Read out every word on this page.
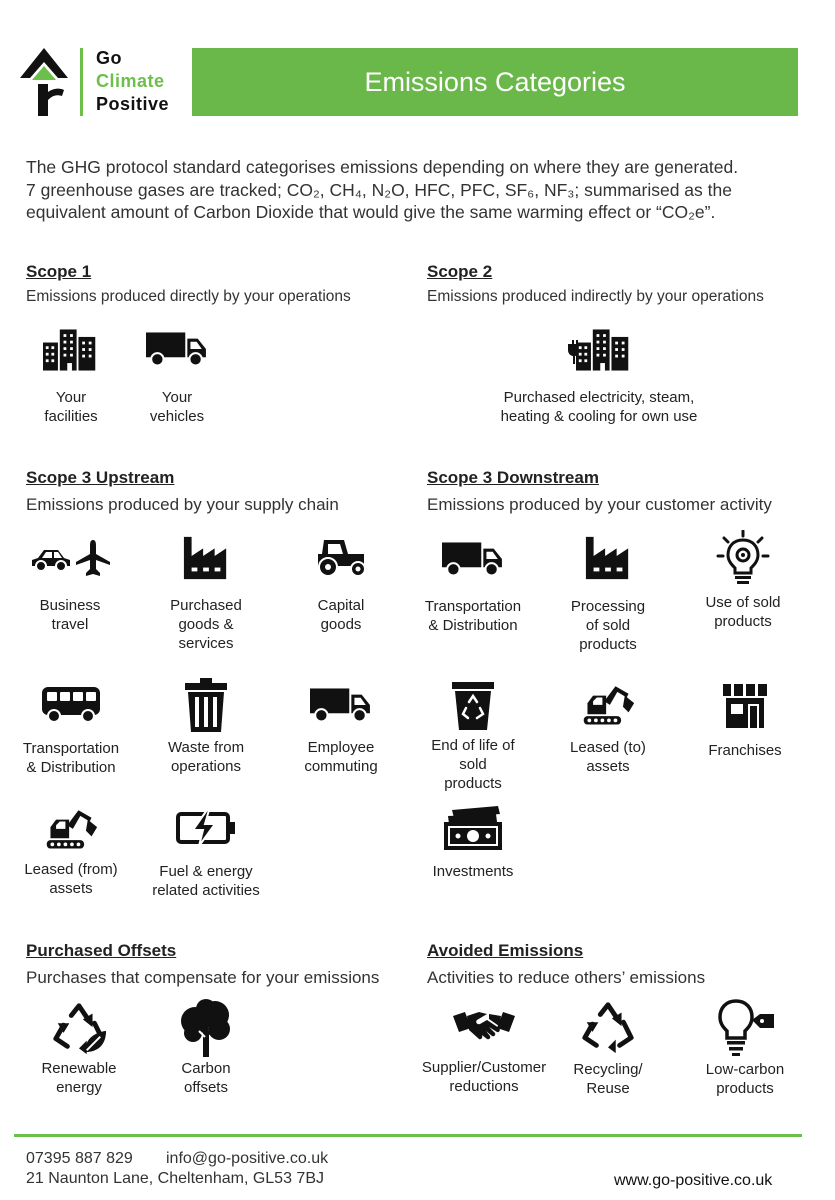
Go
Climate
Positive
Emissions Categories

The GHG protocol standard categorises emissions depending on where they are generated.

7 greenhouse gases are tracked; CO₂, CH₄, N₂O, HFC, PFC, SF₆, NF₃; summarised as the

equivalent amount of Carbon Dioxide that would give the same warming effect or “CO₂e”.

Scope 1
Emissions produced directly by your operations
Your
facilities
Your
vehicles
Scope 2
Emissions produced indirectly by your operations
Purchased electricity, steam,
heating & cooling for own use
Scope 3 Upstream
Emissions produced by your supply chain
Business
travel
Purchased
goods &
services
Capital
goods
Transportation
& Distribution
Waste from
operations
Employee
commuting
Leased (from)
assets
Fuel & energy
related activities
Scope 3 Downstream
Emissions produced by your customer activity
Transportation
& Distribution
Processing
of sold
products
Use of sold
products
End of life of
sold
products
Leased (to)
assets
Franchises
Investments
Purchased Offsets
Purchases that compensate for your emissions
Renewable
energy
Carbon
offsets
Avoided Emissions
Activities to reduce others’ emissions
Supplier/Customer
reductions
Recycling/
Reuse
Low-carbon
products
07395 887 829 info@go-positive.co.uk
21 Naunton Lane, Cheltenham, GL53 7BJ	www.go-positive.co.uk
